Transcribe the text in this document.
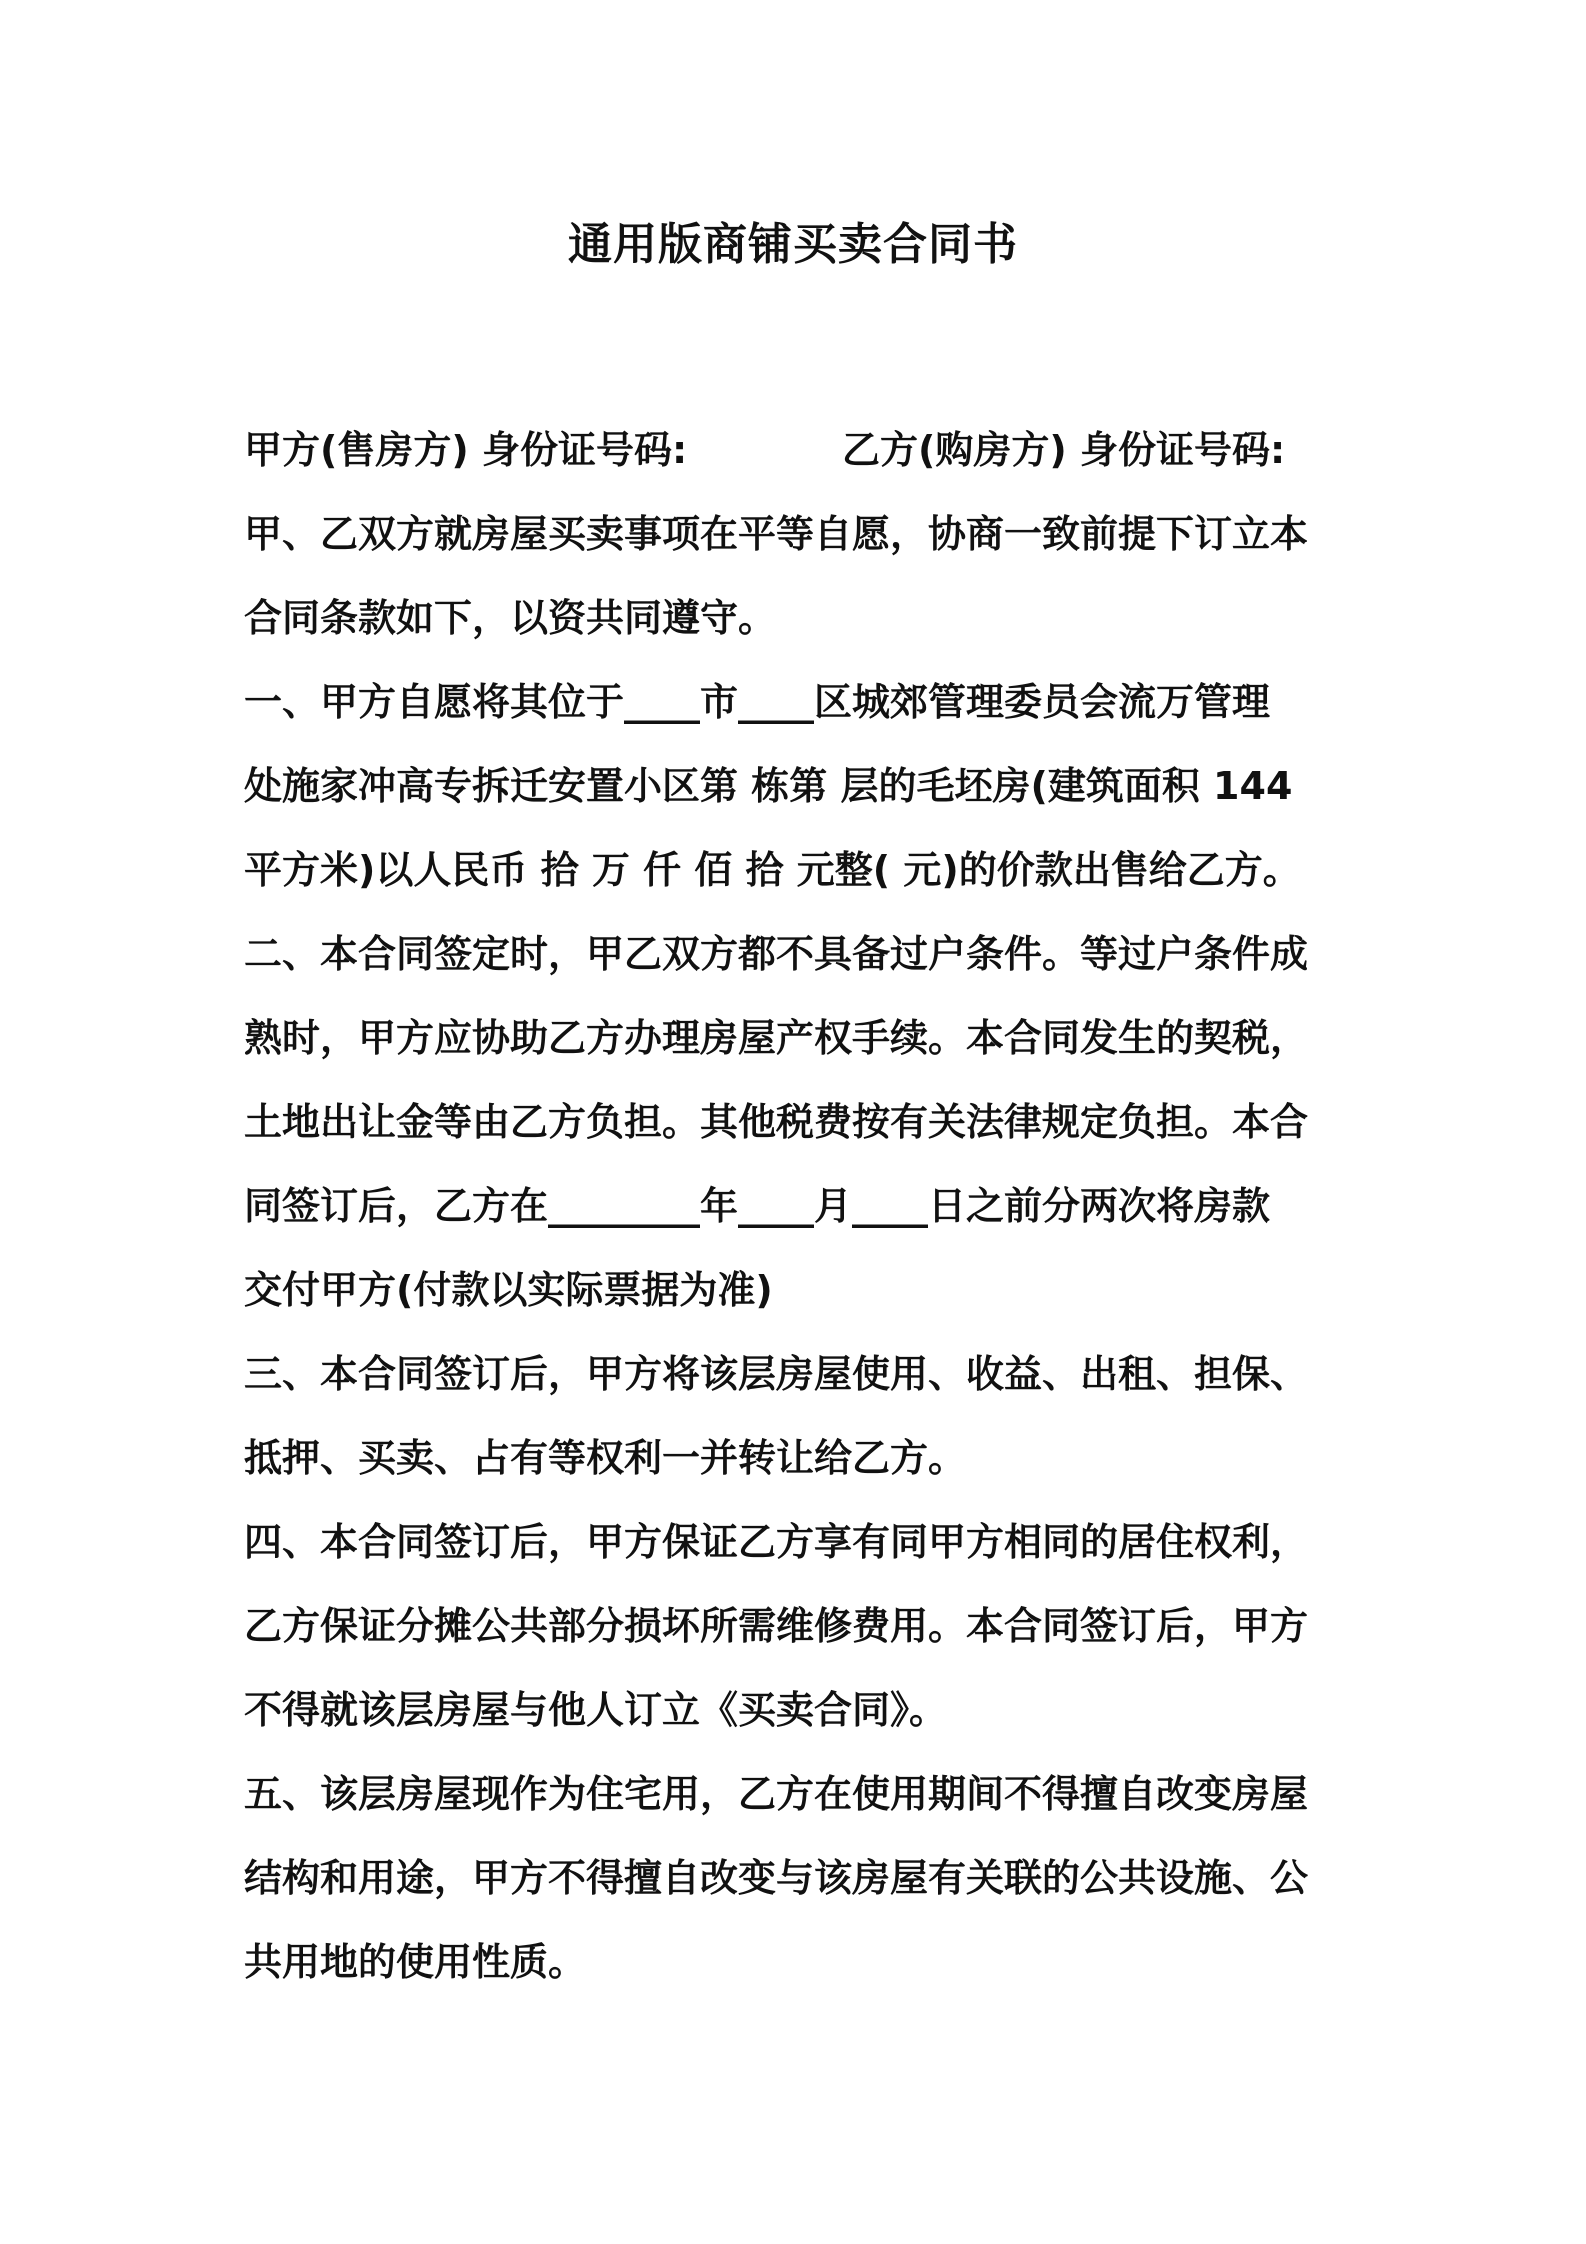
通用版商铺买卖合同书
甲方(售房方) 身份证号码:	乙方(购房方) 身份证号码:

甲、乙双方就房屋买卖事项在平等自愿，协商一致前提下订立本
合同条款如下，以资共同遵守。

一、甲方自愿将其位于____市____区城郊管理委员会流万管理
处施家冲高专拆迁安置小区第 栋第 层的毛坯房(建筑面积 144
平方米)以人民币 拾 万 仟 佰 拾 元整( 元)的价款出售给乙方。

二、本合同签定时，甲乙双方都不具备过户条件。等过户条件成
熟时，甲方应协助乙方办理房屋产权手续。本合同发生的契税，
土地出让金等由乙方负担。其他税费按有关法律规定负担。本合
同签订后，乙方在________年____月____日之前分两次将房款
交付甲方(付款以实际票据为准)

三、本合同签订后，甲方将该层房屋使用、收益、出租、担保、
抵押、买卖、占有等权利一并转让给乙方。

四、本合同签订后，甲方保证乙方享有同甲方相同的居住权利，
乙方保证分摊公共部分损坏所需维修费用。本合同签订后，甲方
不得就该层房屋与他人订立《买卖合同》。

五、该层房屋现作为住宅用，乙方在使用期间不得擅自改变房屋
结构和用途，甲方不得擅自改变与该房屋有关联的公共设施、公
共用地的使用性质。
